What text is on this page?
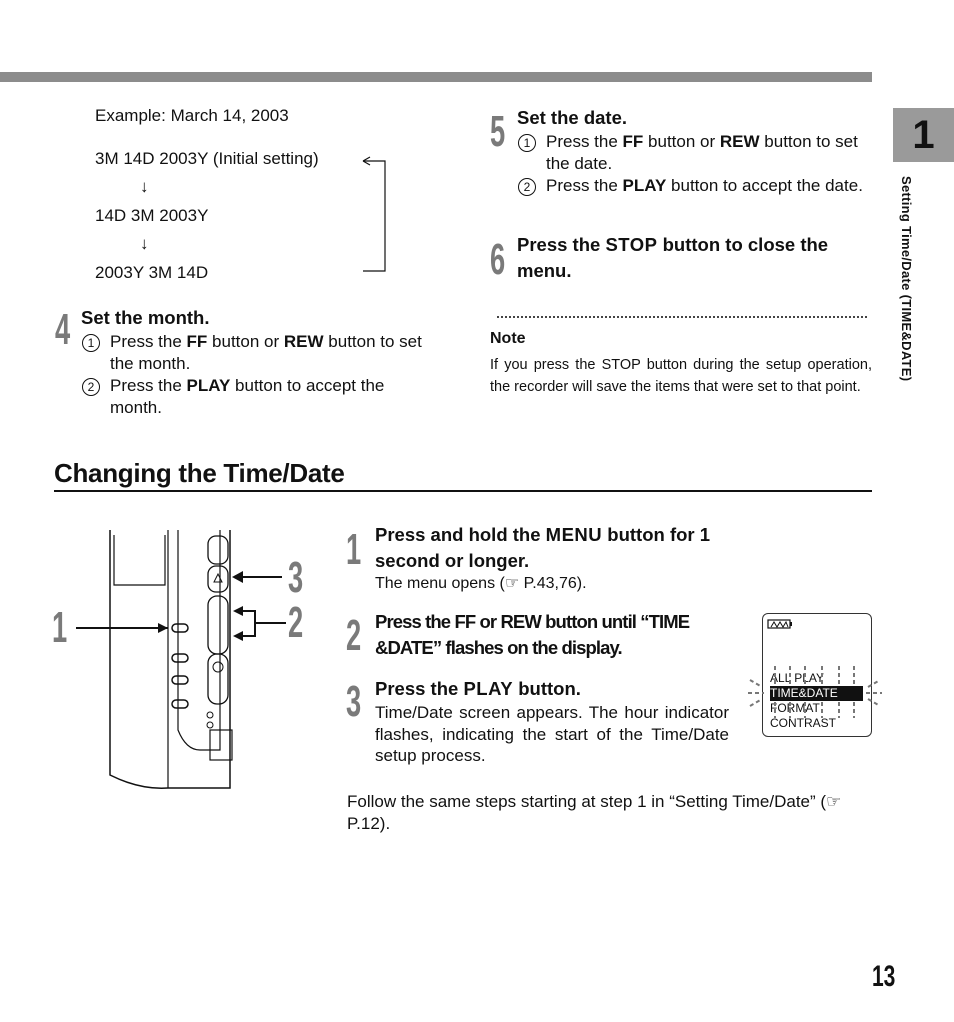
1
Setting Time/Date (TIME&DATE)
Example: March 14, 2003
3M 14D 2003Y (Initial setting)
↓
14D 3M 2003Y
↓
2003Y 3M 14D
4 Set the month.
1 Press the FF button or REW button to set the month.
2 Press the PLAY button to accept the month.
5 Set the date.
1 Press the FF button or REW button to set the date.
2 Press the PLAY button to accept the date.
6 Press the STOP button to close the menu.
Note
If you press the STOP button during the setup operation, the recorder will save the items that were set to that point.
Changing the Time/Date
1	2
3
1 Press and hold the MENU button for 1 second or longer.
The menu opens (☞ P.43,76).
2 Press the FF or REW button until “TIME &DATE” flashes on the display.
3 Press the PLAY button.
Time/Date screen appears. The hour indicator flashes, indicating the start of the Time/Date setup process.
ALL PLAY
TIME&DATE
FORMAT
CONTRAST
Follow the same steps starting at step 1 in “Setting Time/Date” (☞ P.12).
13
